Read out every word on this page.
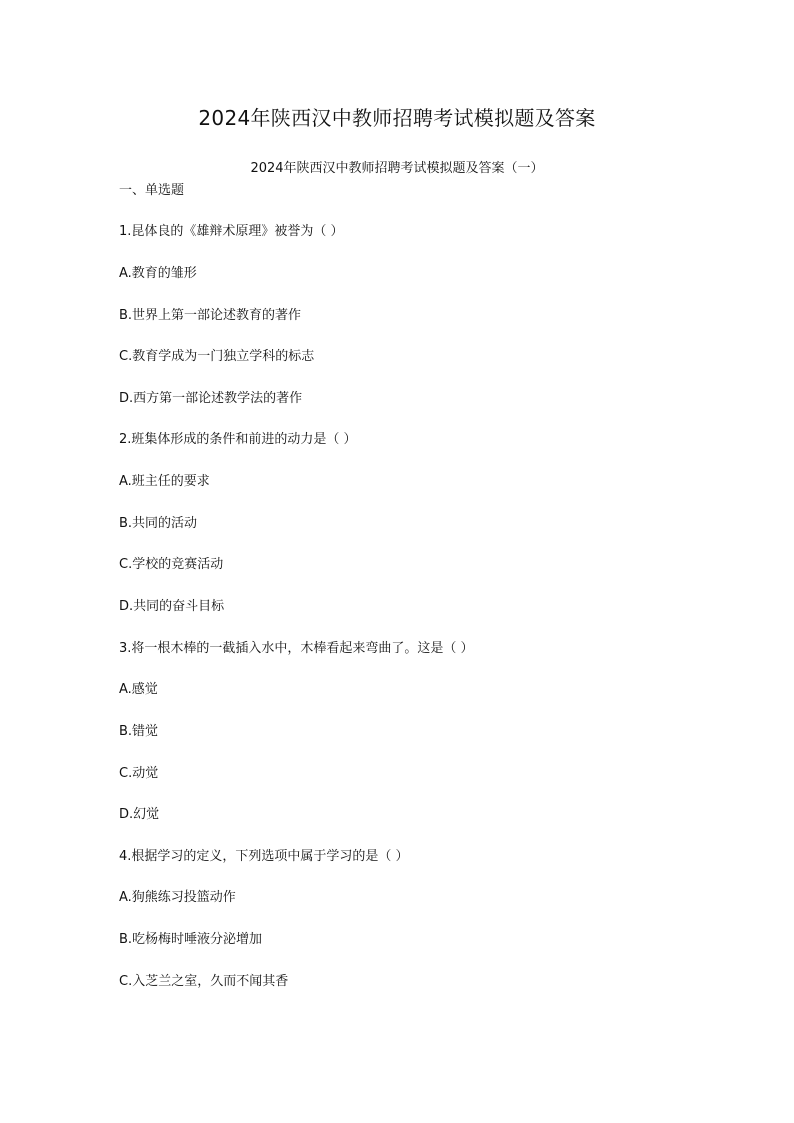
2024年陕西汉中教师招聘考试模拟题及答案
2024年陕西汉中教师招聘考试模拟题及答案（一）
一、单选题
1.昆体良的《雄辩术原理》被誉为（ ）
A.教育的雏形
B.世界上第一部论述教育的著作
C.教育学成为一门独立学科的标志
D.西方第一部论述教学法的著作
2.班集体形成的条件和前进的动力是（ ）
A.班主任的要求
B.共同的活动
C.学校的竞赛活动
D.共同的奋斗目标
3.将一根木棒的一截插入水中，木棒看起来弯曲了。这是（ ）
A.感觉
B.错觉
C.动觉
D.幻觉
4.根据学习的定义，下列选项中属于学习的是（ ）
A.狗熊练习投篮动作
B.吃杨梅时唾液分泌增加
C.入芝兰之室，久而不闻其香
